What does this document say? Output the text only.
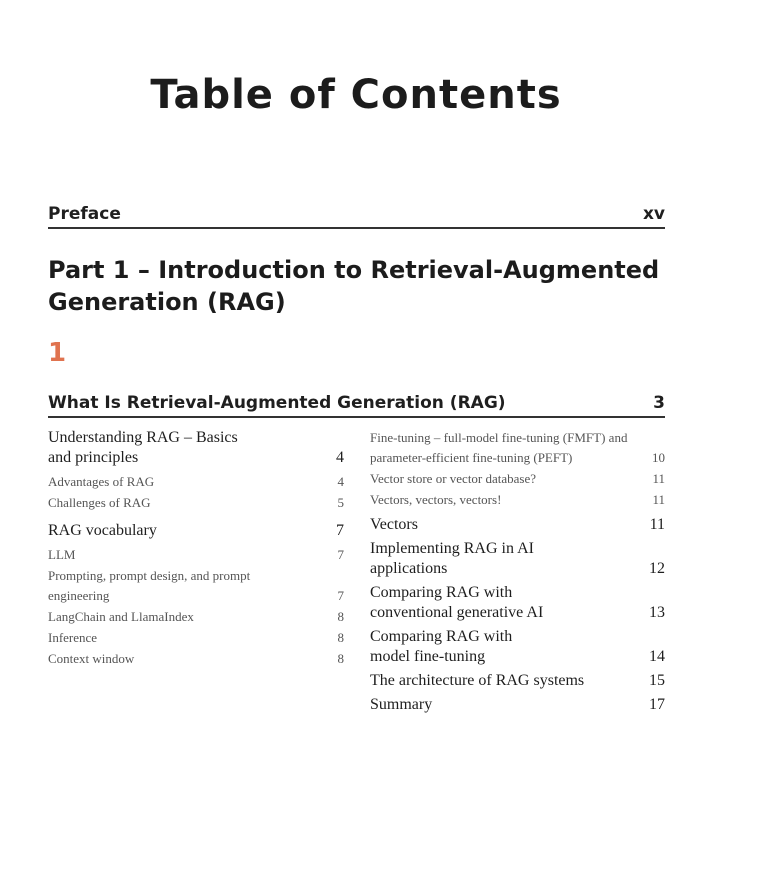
Table of Contents
Preface	xv
Part 1 – Introduction to Retrieval-Augmented Generation (RAG)
1
What Is Retrieval-Augmented Generation (RAG)	3
Understanding RAG – Basics and principles	4
Advantages of RAG	4
Challenges of RAG	5
RAG vocabulary	7
LLM	7
Prompting, prompt design, and prompt engineering	7
LangChain and LlamaIndex	8
Inference	8
Context window	8
Fine-tuning – full-model fine-tuning (FMFT) and parameter-efficient fine-tuning (PEFT)	10
Vector store or vector database?	11
Vectors, vectors, vectors!	11
Vectors	11
Implementing RAG in AI applications	12
Comparing RAG with conventional generative AI	13
Comparing RAG with model fine-tuning	14
The architecture of RAG systems	15
Summary	17
